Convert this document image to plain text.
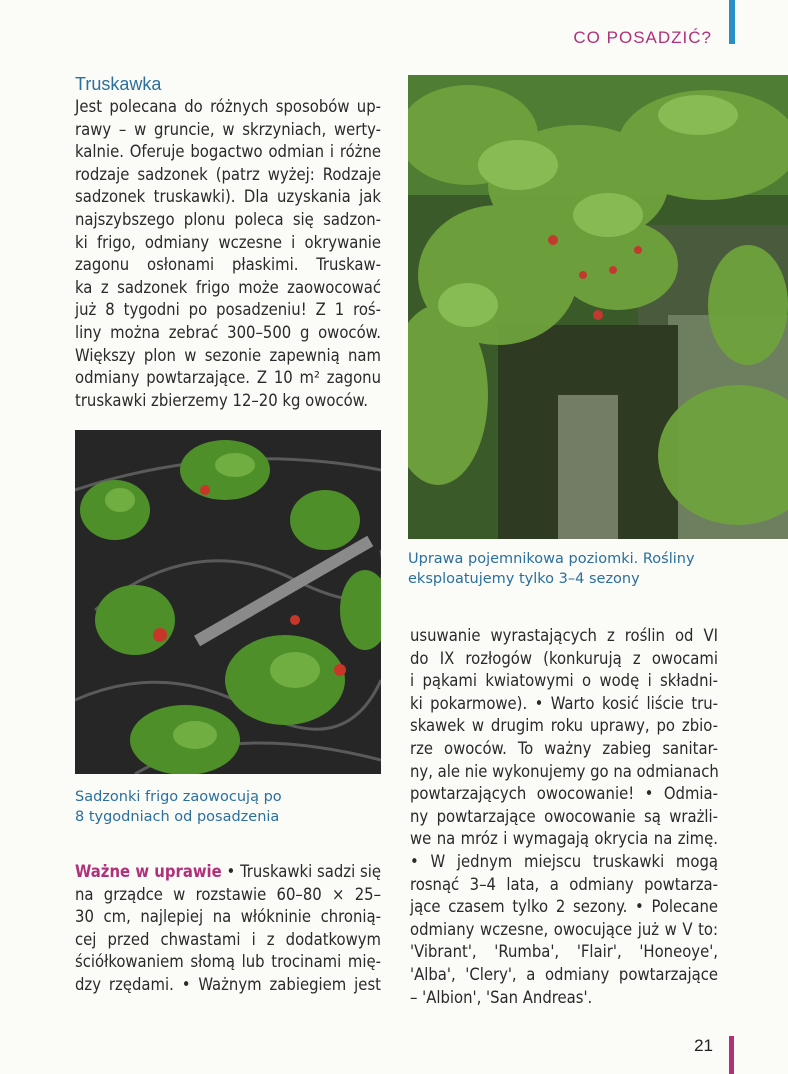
CO POSADZIĆ?
Truskawka
Jest polecana do różnych sposobów up-
rawy – w gruncie, w skrzyniach, werty-
kalnie. Oferuje bogactwo odmian i różne
rodzaje sadzonek (patrz wyżej: Rodzaje
sadzonek truskawki). Dla uzyskania jak
najszybszego plonu poleca się sadzon-
ki frigo, odmiany wczesne i okrywanie
zagonu osłonami płaskimi. Truskaw-
ka z sadzonek frigo może zaowocować
już 8 tygodni po posadzeniu! Z 1 roś-
liny można zebrać 300–500 g owoców.
Większy plon w sezonie zapewnią nam
odmiany powtarzające. Z 10 m² zagonu
truskawki zbierzemy 12–20 kg owoców.
Uprawa pojemnikowa poziomki. Rośliny
eksploatujemy tylko 3–4 sezony
Sadzonki frigo zaowocują po
8 tygodniach od posadzenia
Ważne w uprawie • Truskawki sadzi się
na grządce w rozstawie 60–80 × 25–
30 cm, najlepiej na włókninie chronią-
cej przed chwastami i z dodatkowym
ściółkowaniem słomą lub trocinami mię-
dzy rzędami. • Ważnym zabiegiem jest
usuwanie wyrastających z roślin od VI
do IX rozłogów (konkurują z owocami
i pąkami kwiatowymi o wodę i składni-
ki pokarmowe). • Warto kosić liście tru-
skawek w drugim roku uprawy, po zbio-
rze owoców. To ważny zabieg sanitar-
ny, ale nie wykonujemy go na odmianach
powtarzających owocowanie! • Odmia-
ny powtarzające owocowanie są wrażli-
we na mróz i wymagają okrycia na zimę.
• W jednym miejscu truskawki mogą
rosnąć 3–4 lata, a odmiany powtarza-
jące czasem tylko 2 sezony. • Polecane
odmiany wczesne, owocujące już w V to:
'Vibrant', 'Rumba', 'Flair', 'Honeoye',
'Alba', 'Clery', a odmiany powtarzające
– 'Albion', 'San Andreas'.
21
